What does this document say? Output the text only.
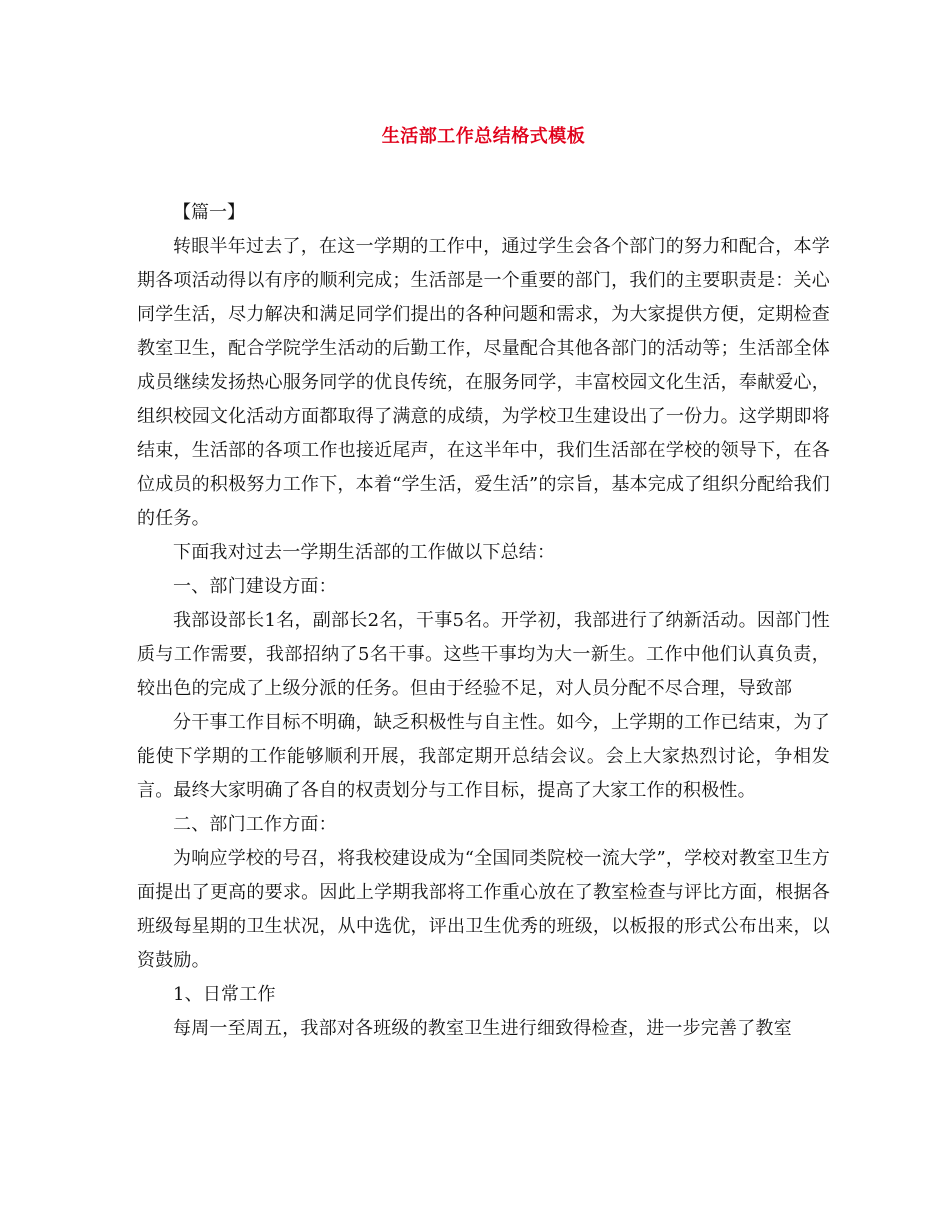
生活部工作总结格式模板

【篇一】

转眼半年过去了，在这一学期的工作中，通过学生会各个部门的努力和配合，本学期各项活动得以有序的顺利完成；生活部是一个重要的部门，我们的主要职责是：关心同学生活，尽力解决和满足同学们提出的各种问题和需求，为大家提供方便，定期检查教室卫生，配合学院学生活动的后勤工作，尽量配合其他各部门的活动等；生活部全体成员继续发扬热心服务同学的优良传统，在服务同学，丰富校园文化生活，奉献爱心，组织校园文化活动方面都取得了满意的成绩，为学校卫生建设出了一份力。这学期即将结束，生活部的各项工作也接近尾声，在这半年中，我们生活部在学校的领导下，在各位成员的积极努力工作下，本着“学生活，爱生活”的宗旨，基本完成了组织分配给我们的任务。

下面我对过去一学期生活部的工作做以下总结：

一、部门建设方面：

我部设部长1名，副部长2名，干事5名。开学初，我部进行了纳新活动。因部门性质与工作需要，我部招纳了5名干事。这些干事均为大一新生。工作中他们认真负责，较出色的完成了上级分派的任务。但由于经验不足，对人员分配不尽合理，导致部

分干事工作目标不明确，缺乏积极性与自主性。如今，上学期的工作已结束，为了能使下学期的工作能够顺利开展，我部定期开总结会议。会上大家热烈讨论，争相发言。最终大家明确了各自的权责划分与工作目标，提高了大家工作的积极性。

二、部门工作方面：

为响应学校的号召，将我校建设成为“全国同类院校一流大学”，学校对教室卫生方面提出了更高的要求。因此上学期我部将工作重心放在了教室检查与评比方面，根据各班级每星期的卫生状况，从中选优，评出卫生优秀的班级，以板报的形式公布出来，以资鼓励。

1、日常工作

每周一至周五，我部对各班级的教室卫生进行细致得检查，进一步完善了教室
